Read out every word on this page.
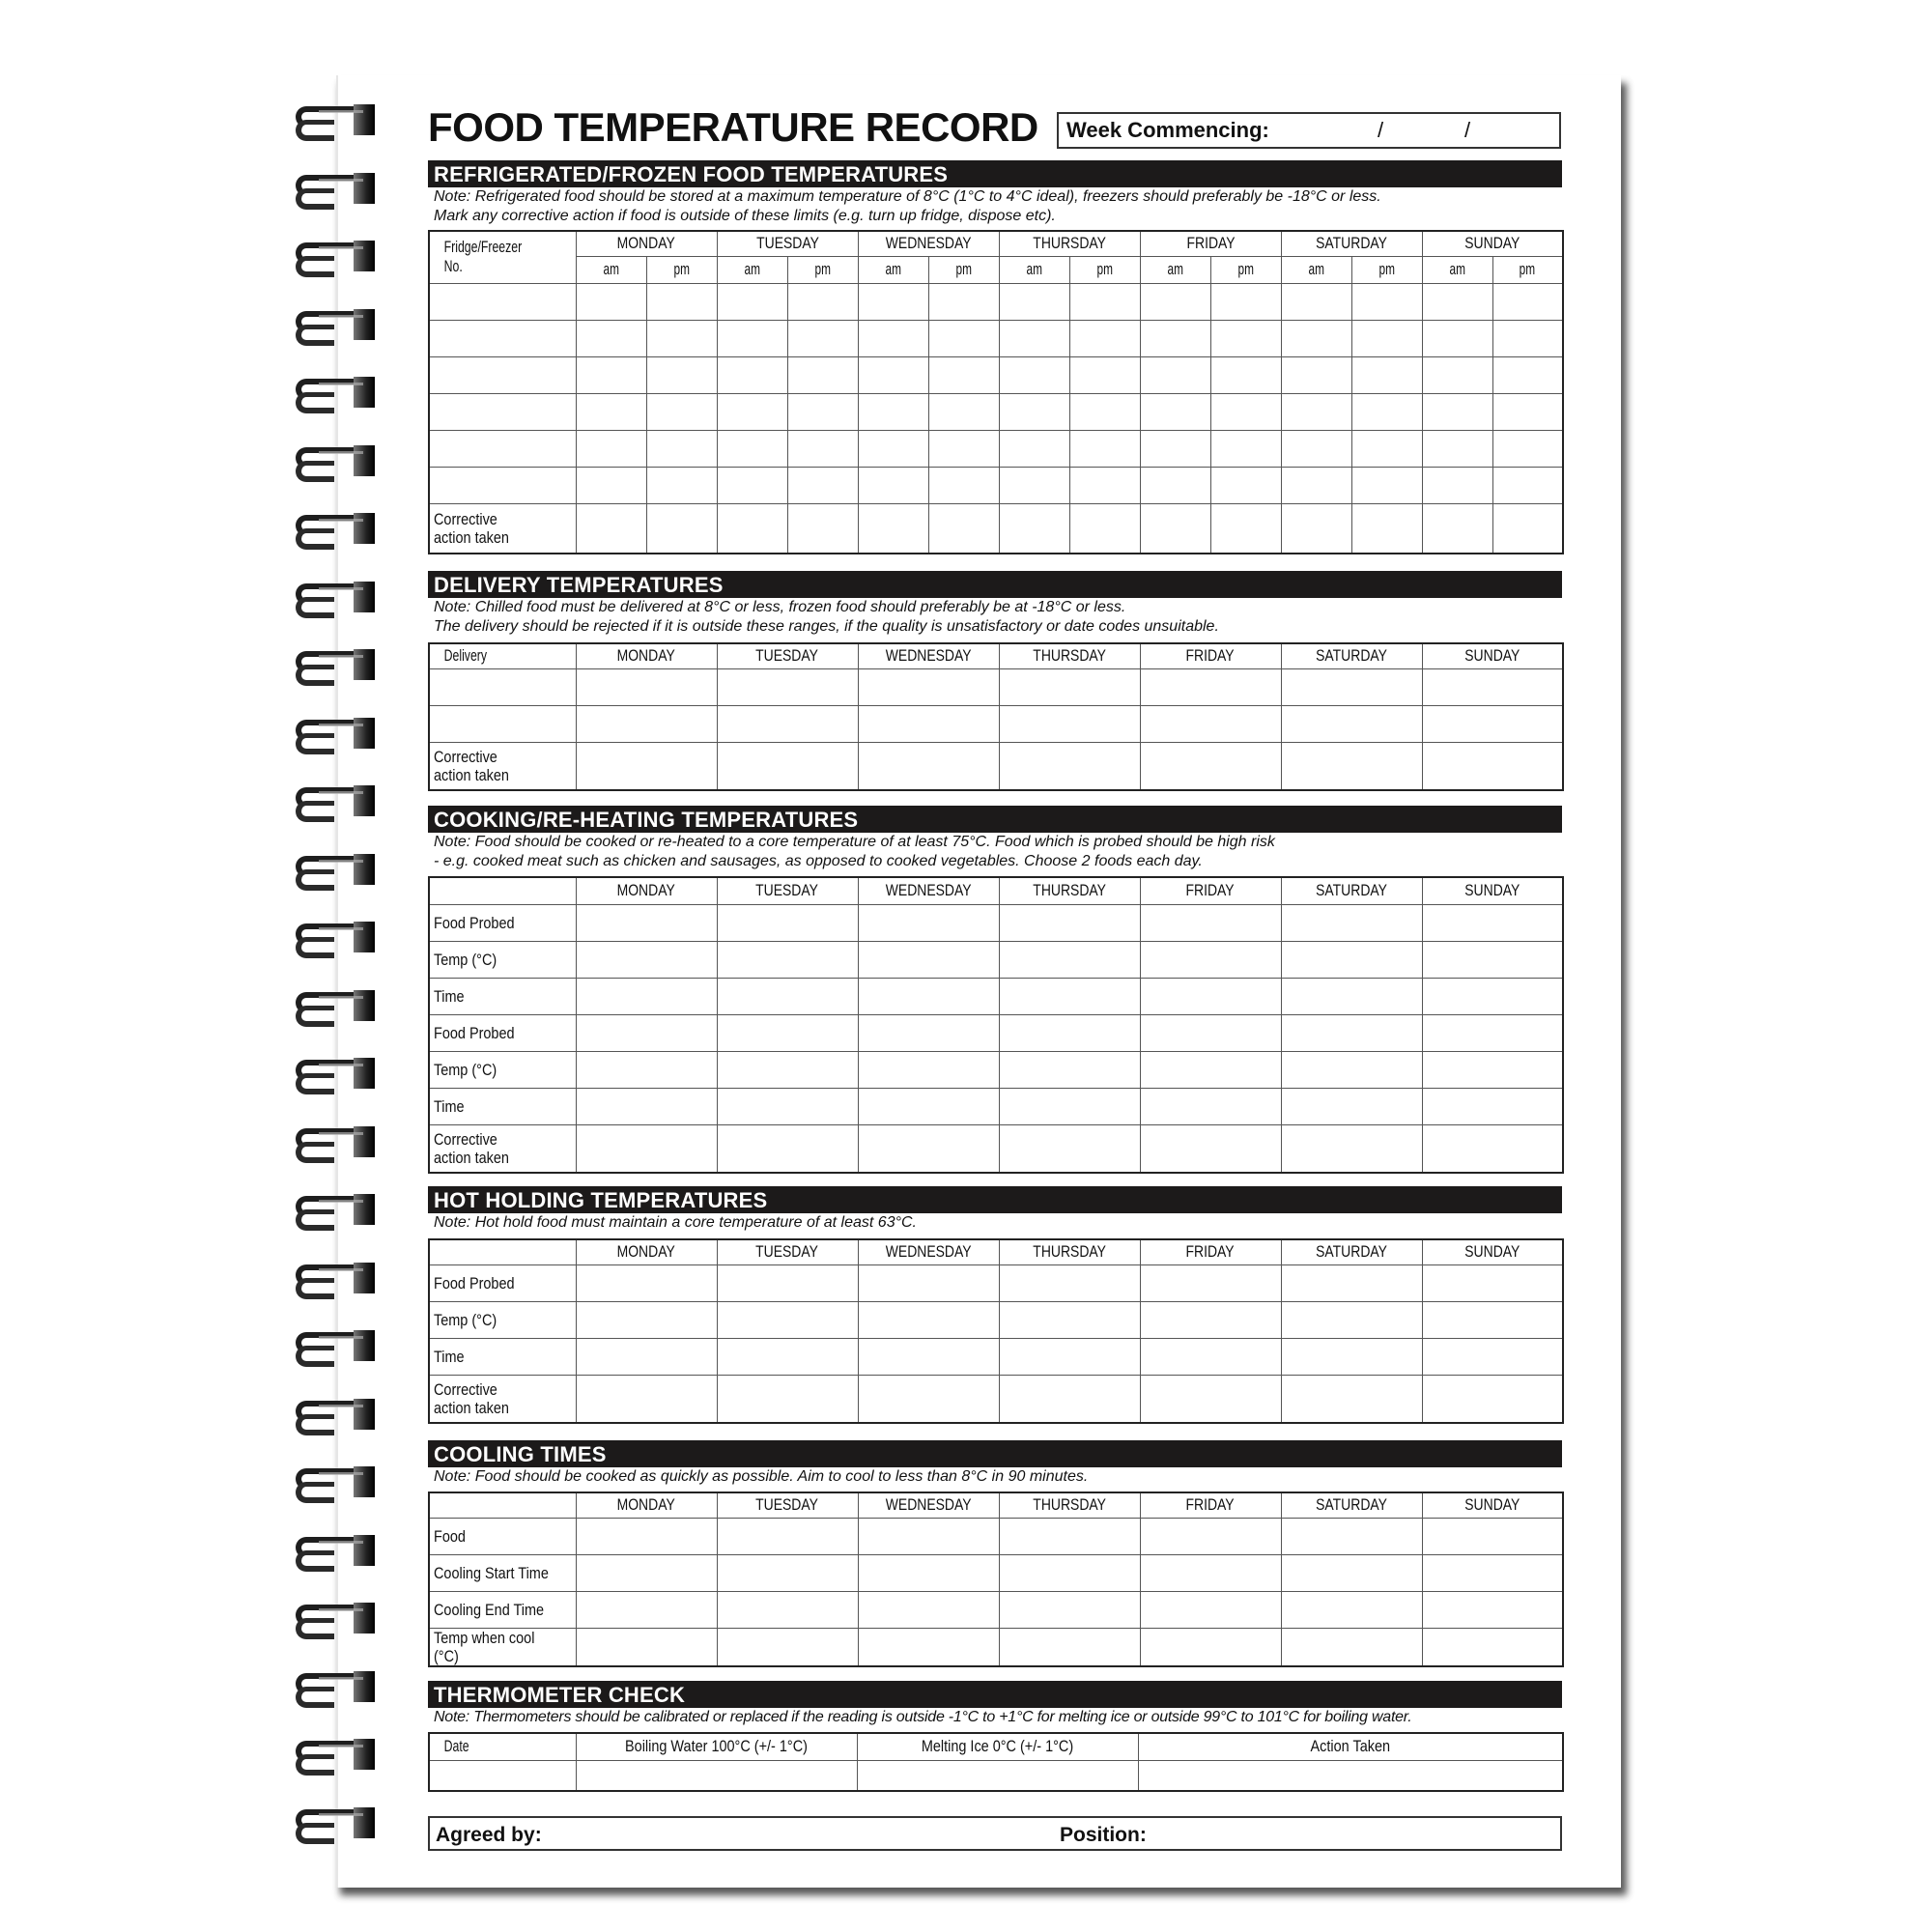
FOOD TEMPERATURE RECORD Week Commencing:	/	/
REFRIGERATED/FROZEN FOOD TEMPERATURES
Note: Refrigerated food should be stored at a maximum temperature of 8°C (1°C to 4°C ideal), freezers should preferably be -18°C or less.
Mark any corrective action if food is outside of these limits (e.g. turn up fridge, dispose etc).
Fridge/Freezer No.	MONDAY		TUESDAY		WEDNESDAY		THURSDAY		FRIDAY		SATURDAY		SUNDAY	
	am	pm	am	pm	am	pm	am	pm	am	pm	am	pm	am	pm

Corrective
action taken														
DELIVERY TEMPERATURES
Note: Chilled food must be delivered at 8°C or less, frozen food should preferably be at -18°C or less.
The delivery should be rejected if it is outside these ranges, if the quality is unsatisfactory or date codes unsuitable.
Delivery	MONDAY	TUESDAY	WEDNESDAY	THURSDAY	FRIDAY	SATURDAY	SUNDAY

Corrective
action taken							
COOKING/RE-HEATING TEMPERATURES
Note: Food should be cooked or re-heated to a core temperature of at least 75°C. Food which is probed should be high risk
- e.g. cooked meat such as chicken and sausages, as opposed to cooked vegetables. Choose 2 foods each day.
	MONDAY	TUESDAY	WEDNESDAY	THURSDAY	FRIDAY	SATURDAY	SUNDAY
Food Probed							
Temp (°C)							
Time							
Food Probed							
Temp (°C)							
Time							
Corrective
action taken							
HOT HOLDING TEMPERATURES
Note: Hot hold food must maintain a core temperature of at least 63°C.
	MONDAY	TUESDAY	WEDNESDAY	THURSDAY	FRIDAY	SATURDAY	SUNDAY
Food Probed							
Temp (°C)							
Time							
Corrective
action taken							
COOLING TIMES
Note: Food should be cooked as quickly as possible. Aim to cool to less than 8°C in 90 minutes.
	MONDAY	TUESDAY	WEDNESDAY	THURSDAY	FRIDAY	SATURDAY	SUNDAY
Food							
Cooling Start Time							
Cooling End Time							
Temp when cool (°C)							
THERMOMETER CHECK
Note: Thermometers should be calibrated or replaced if the reading is outside -1°C to +1°C for melting ice or outside 99°C to 101°C for boiling water.
Date	Boiling Water 100°C (+/- 1°C)	Melting Ice 0°C (+/- 1°C)	Action Taken

Agreed by:	Position:
